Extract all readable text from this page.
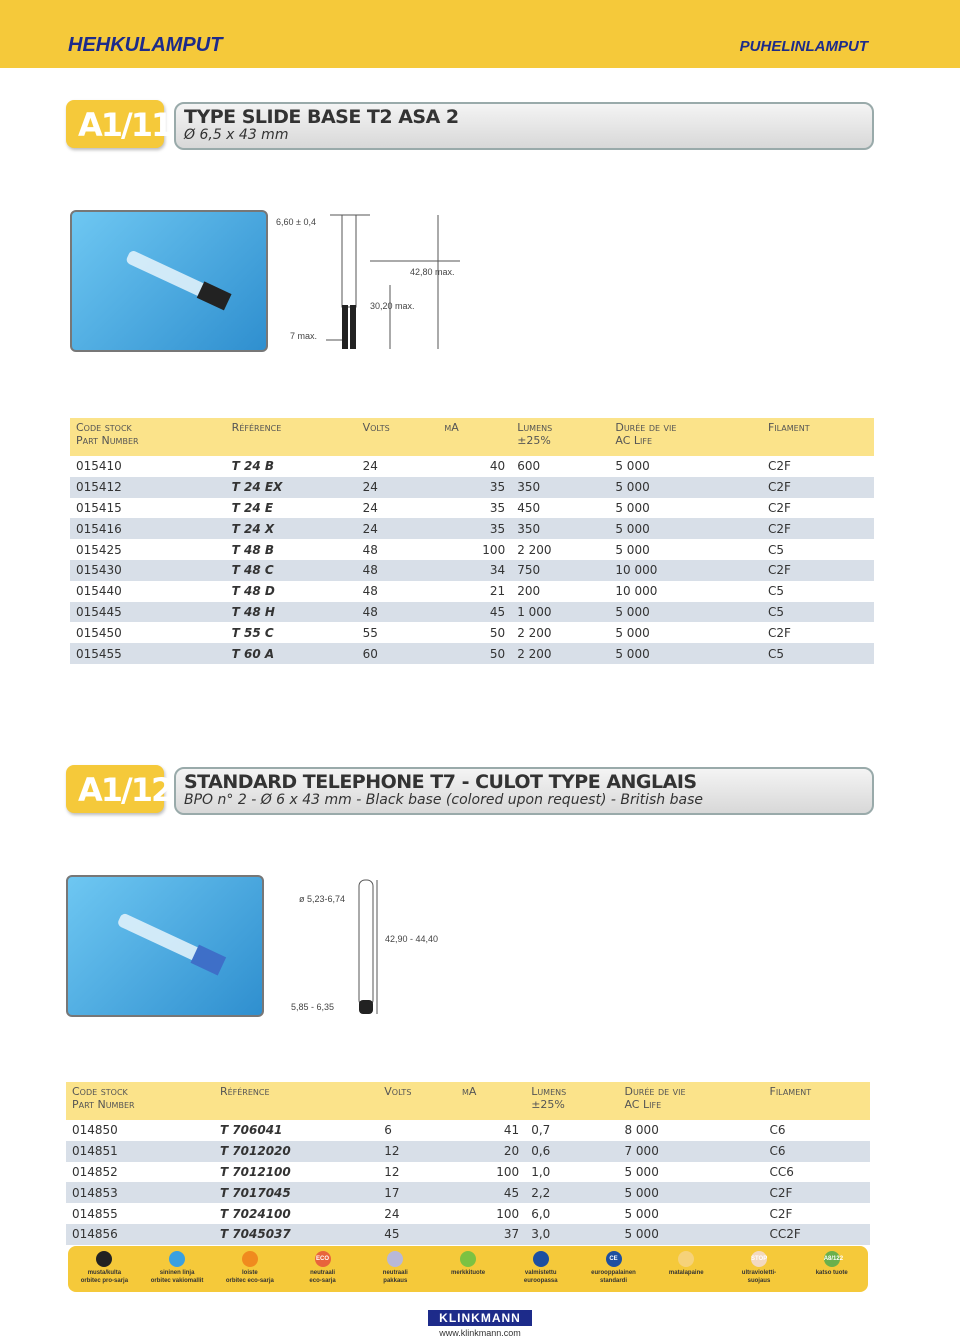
HEHKULAMPUT	PUHELINLAMPUT
A1/11 TYPE SLIDE BASE T2 ASA 2
Ø 6,5 x 43 mm
6,60 ± 0,4
42,80 max.
30,20 max.
7 max.
Code stock
Part Number	Référence	Volts	mA	Lumens
±25%	Durée de vie
AC Life	Filament
015410	T 24 B	24	40	600	5 000	C2F
015412	T 24 EX	24	35	350	5 000	C2F
015415	T 24 E	24	35	450	5 000	C2F
015416	T 24 X	24	35	350	5 000	C2F
015425	T 48 B	48	100	2 200	5 000	C5
015430	T 48 C	48	34	750	10 000	C2F
015440	T 48 D	48	21	200	10 000	C5
015445	T 48 H	48	45	1 000	5 000	C5
015450	T 55 C	55	50	2 200	5 000	C2F
015455	T 60 A	60	50	2 200	5 000	C5
A1/12 STANDARD TELEPHONE T7 - CULOT TYPE ANGLAIS
BPO n° 2 - Ø 6 x 43 mm - Black base (colored upon request) - British base
ø 5,23-6,74
42,90 - 44,40
5,85 - 6,35
Code stock
Part Number	Référence	Volts	mA	Lumens
±25%	Durée de vie
AC Life	Filament
014850	T 706041	6	41	0,7	8 000	C6
014851	T 7012020	12	20	0,6	7 000	C6
014852	T 7012100	12	100	1,0	5 000	CC6
014853	T 7017045	17	45	2,2	5 000	C2F
014855	T 7024100	24	100	6,0	5 000	C2F
014856	T 7045037	45	37	3,0	5 000	CC2F
musta/kulta
orbitec pro-sarja
sininen linja
orbitec vakiomallit
loiste
orbitec eco-sarja
ECO
neutraali
eco-sarja
neutraali
pakkaus
merkkituote	valmistettu
euroopassa
CE
eurooppalainen
standardi
matalapaine
STOP
ultravioletti-
suojaus
A8/122
katso tuote
KLINKMANN
www.klinkmann.com
